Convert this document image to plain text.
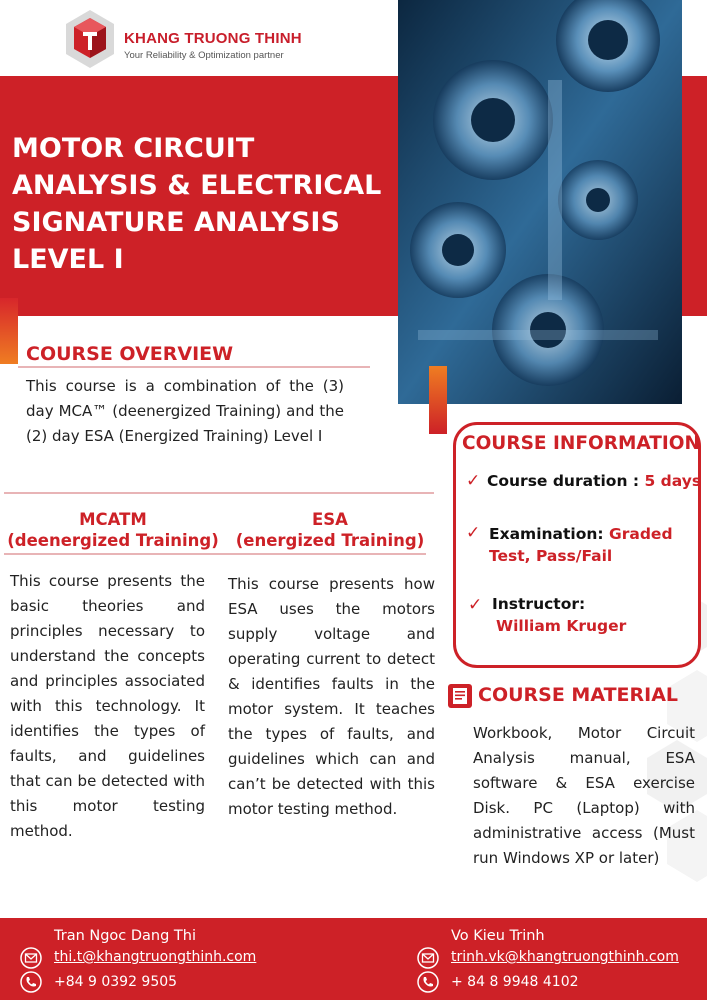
KHANG TRUONG THINH
Your Reliability & Optimization partner
MOTOR CIRCUIT
ANALYSIS & ELECTRICAL
SIGNATURE ANALYSIS
LEVEL I
COURSE OVERVIEW
This course is a combination of the (3) day MCA™ (deenergized Training) and the (2) day ESA (Energized Training) Level I
MCATM
(deenergized Training)
This course presents the basic theories and principles necessary to understand the concepts and principles associated with this technology. It identifies the types of faults, and guidelines that can be detected with this motor testing method.
ESA
(energized Training)
This course presents how ESA uses the motors supply voltage and operating current to detect & identifies faults in the motor system. It teaches the types of faults, and guidelines which can and can’t be detected with this motor testing method.
COURSE INFORMATION
✓ Course duration : 5 days
✓ Examination: Graded
Test, Pass/Fail
✓ Instructor:
William Kruger
COURSE MATERIAL
Workbook, Motor Circuit Analysis manual, ESA software & ESA exercise Disk. PC (Laptop) with administrative access (Must run Windows XP or later)
Tran Ngoc Dang Thi
thi.t@khangtruongthinh.com
+84 9 0392 9505
Vo Kieu Trinh
trinh.vk@khangtruongthinh.com
+ 84 8 9948 4102
